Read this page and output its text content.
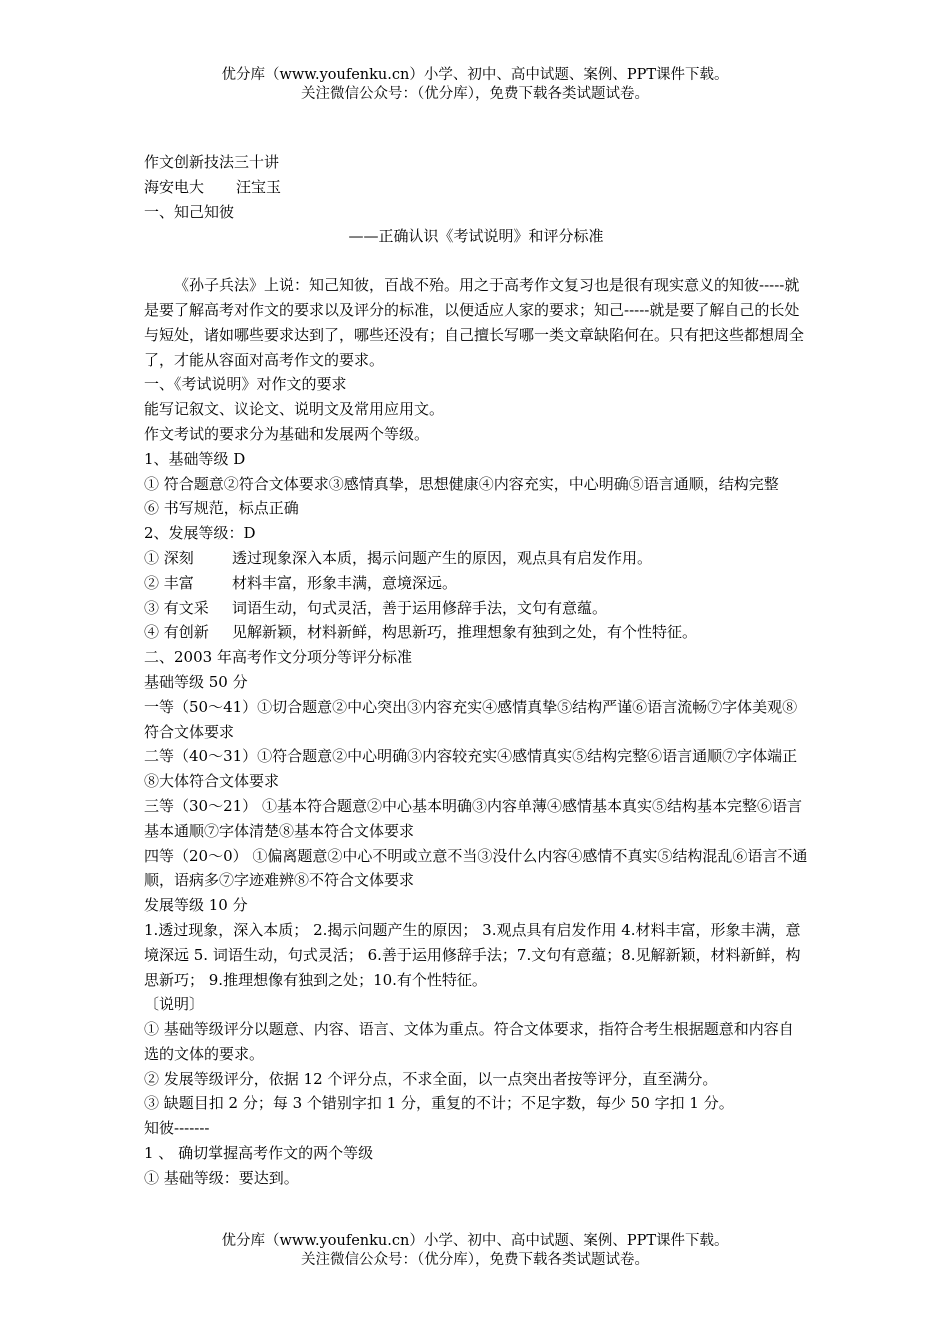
优分库（www.youfenku.cn）小学、初中、高中试题、案例、PPT课件下载。
关注微信公众号：（优分库），免费下载各类试题试卷。

作文创新技法三十讲

海安电大 汪宝玉

一、知己知彼

——正确认识《考试说明》和评分标准

《孙子兵法》上说：知己知彼，百战不殆。用之于高考作文复习也是很有现实意义的知彼-----就是要了解高考对作文的要求以及评分的标准，以便适应人家的要求；知己-----就是要了解自己的长处与短处，诸如哪些要求达到了，哪些还没有；自己擅长写哪一类文章缺陷何在。只有把这些都想周全了，才能从容面对高考作文的要求。

一、《考试说明》对作文的要求

能写记叙文、议论文、说明文及常用应用文。

作文考试的要求分为基础和发展两个等级。

1、基础等级 D

① 符合题意②符合文体要求③感情真挚，思想健康④内容充实，中心明确⑤语言通顺，结构完整

⑥ 书写规范，标点正确

2、发展等级：D

① 深刻	透过现象深入本质，揭示问题产生的原因，观点具有启发作用。

② 丰富	材料丰富，形象丰满，意境深远。

③ 有文采 词语生动，句式灵活，善于运用修辞手法，文句有意蕴。

④ 有创新 见解新颖，材料新鲜，构思新巧，推理想象有独到之处，有个性特征。

二、2003 年高考作文分项分等评分标准

基础等级 50 分

一等（50～41）①切合题意②中心突出③内容充实④感情真挚⑤结构严谨⑥语言流畅⑦字体美观⑧符合文体要求

二等（40～31）①符合题意②中心明确③内容较充实④感情真实⑤结构完整⑥语言通顺⑦字体端正⑧大体符合文体要求

三等（30～21） ①基本符合题意②中心基本明确③内容单薄④感情基本真实⑤结构基本完整⑥语言基本通顺⑦字体清楚⑧基本符合文体要求

四等（20～0） ①偏离题意②中心不明或立意不当③没什么内容④感情不真实⑤结构混乱⑥语言不通顺，语病多⑦字迹难辨⑧不符合文体要求

发展等级 10 分

1.透过现象，深入本质； 2.揭示问题产生的原因； 3.观点具有启发作用 4.材料丰富，形象丰满，意境深远 5. 词语生动，句式灵活； 6.善于运用修辞手法；7.文句有意蕴；8.见解新颖，材料新鲜，构思新巧； 9.推理想像有独到之处；10.有个性特征。

〔说明〕

① 基础等级评分以题意、内容、语言、文体为重点。符合文体要求，指符合考生根据题意和内容自选的文体的要求。

② 发展等级评分，依据 12 个评分点，不求全面，以一点突出者按等评分，直至满分。

③ 缺题目扣 2 分；每 3 个错别字扣 1 分，重复的不计；不足字数，每少 50 字扣 1 分。

知彼-------

1 、 确切掌握高考作文的两个等级

① 基础等级：要达到。

优分库（www.youfenku.cn）小学、初中、高中试题、案例、PPT课件下载。
关注微信公众号：（优分库），免费下载各类试题试卷。
